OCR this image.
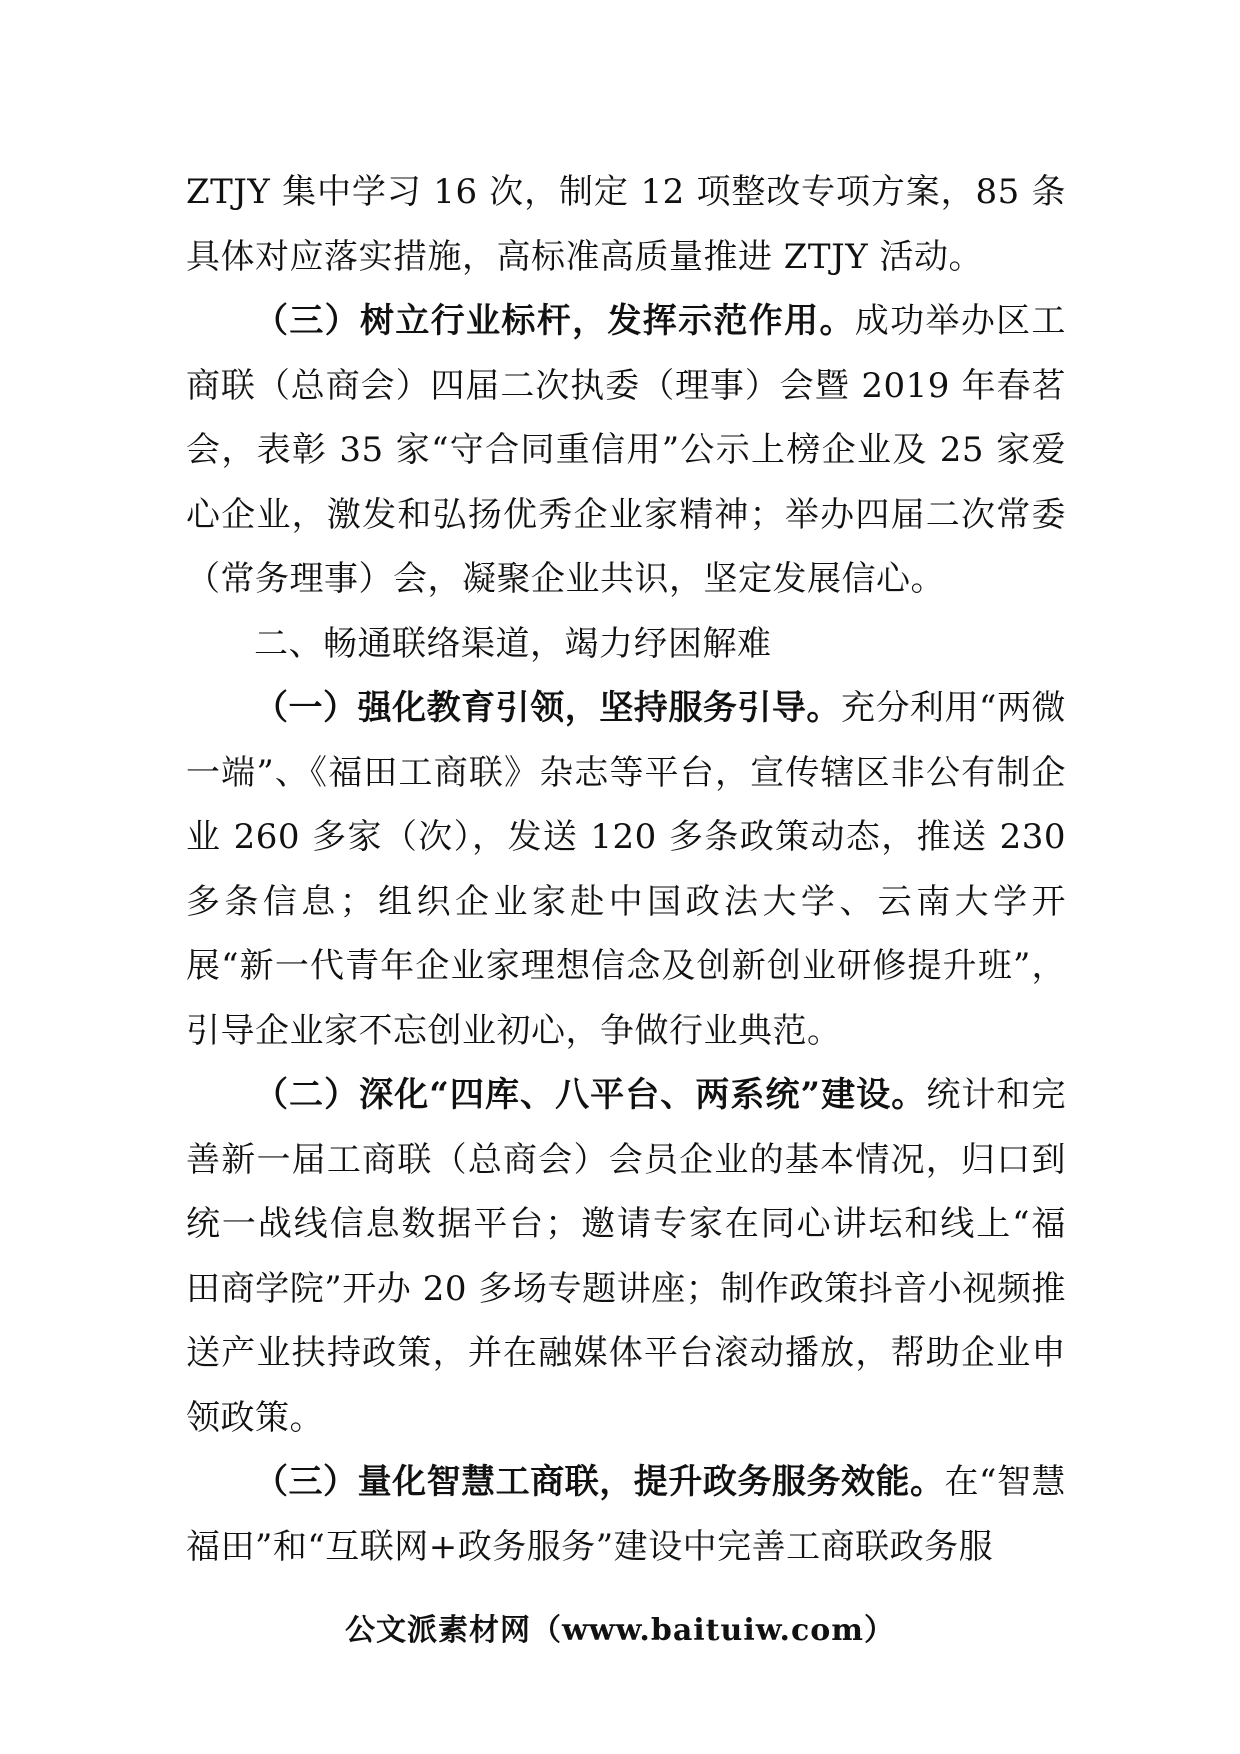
ZTJY 集中学习 16 次，制定 12 项整改专项方案，85 条具体对应落实措施，高标准高质量推进 ZTJY 活动。

（三）树立行业标杆，发挥示范作用。成功举办区工商联（总商会）四届二次执委（理事）会暨 2019 年春茗会，表彰 35 家“守合同重信用”公示上榜企业及 25 家爱心企业，激发和弘扬优秀企业家精神；举办四届二次常委（常务理事）会，凝聚企业共识，坚定发展信心。

二、畅通联络渠道，竭力纾困解难

（一）强化教育引领，坚持服务引导。充分利用“两微一端”、《福田工商联》杂志等平台，宣传辖区非公有制企业 260 多家（次），发送 120 多条政策动态，推送 230 多条信息；组织企业家赴中国政法大学、云南大学开展“新一代青年企业家理想信念及创新创业研修提升班”，引导企业家不忘创业初心，争做行业典范。

（二）深化“四库、八平台、两系统”建设。统计和完善新一届工商联（总商会）会员企业的基本情况，归口到统一战线信息数据平台；邀请专家在同心讲坛和线上“福田商学院”开办 20 多场专题讲座；制作政策抖音小视频推送产业扶持政策，并在融媒体平台滚动播放，帮助企业申领政策。

（三）量化智慧工商联，提升政务服务效能。在“智慧福田”和“互联网+政务服务”建设中完善工商联政务服

公文派素材网（www.baituiw.com）
